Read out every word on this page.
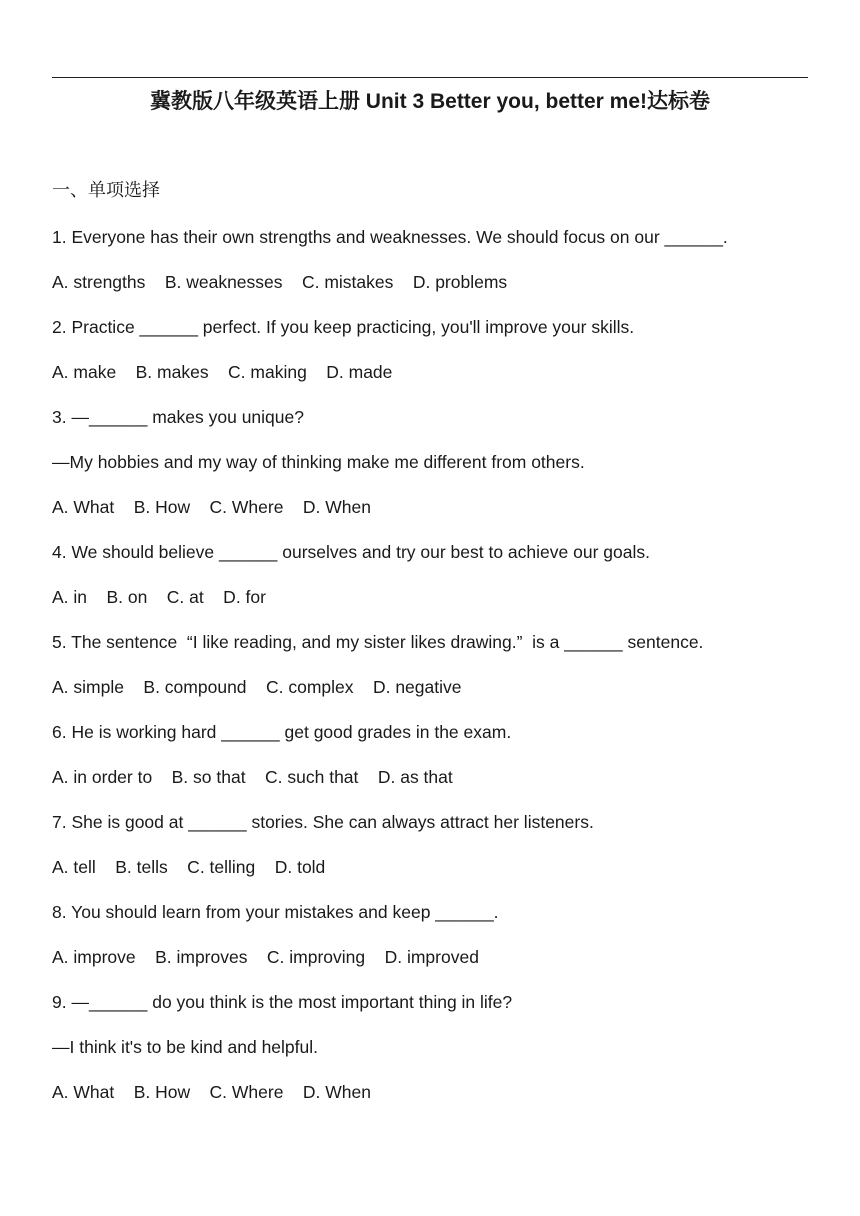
冀教版八年级英语上册 Unit 3 Better you, better me!达标卷
一、单项选择
1. Everyone has their own strengths and weaknesses. We should focus on our ______.
A. strengths    B. weaknesses    C. mistakes    D. problems
2. Practice ______ perfect. If you keep practicing, you'll improve your skills.
A. make    B. makes    C. making    D. made
3. —______ makes you unique?
—My hobbies and my way of thinking make me different from others.
A. What    B. How    C. Where    D. When
4. We should believe ______ ourselves and try our best to achieve our goals.
A. in    B. on    C. at    D. for
5. The sentence  “I like reading, and my sister likes drawing.”  is a ______ sentence.
A. simple    B. compound    C. complex    D. negative
6. He is working hard ______ get good grades in the exam.
A. in order to    B. so that    C. such that    D. as that
7. She is good at ______ stories. She can always attract her listeners.
A. tell    B. tells    C. telling    D. told
8. You should learn from your mistakes and keep ______.
A. improve    B. improves    C. improving    D. improved
9. —______ do you think is the most important thing in life?
—I think it's to be kind and helpful.
A. What    B. How    C. Where    D. When
